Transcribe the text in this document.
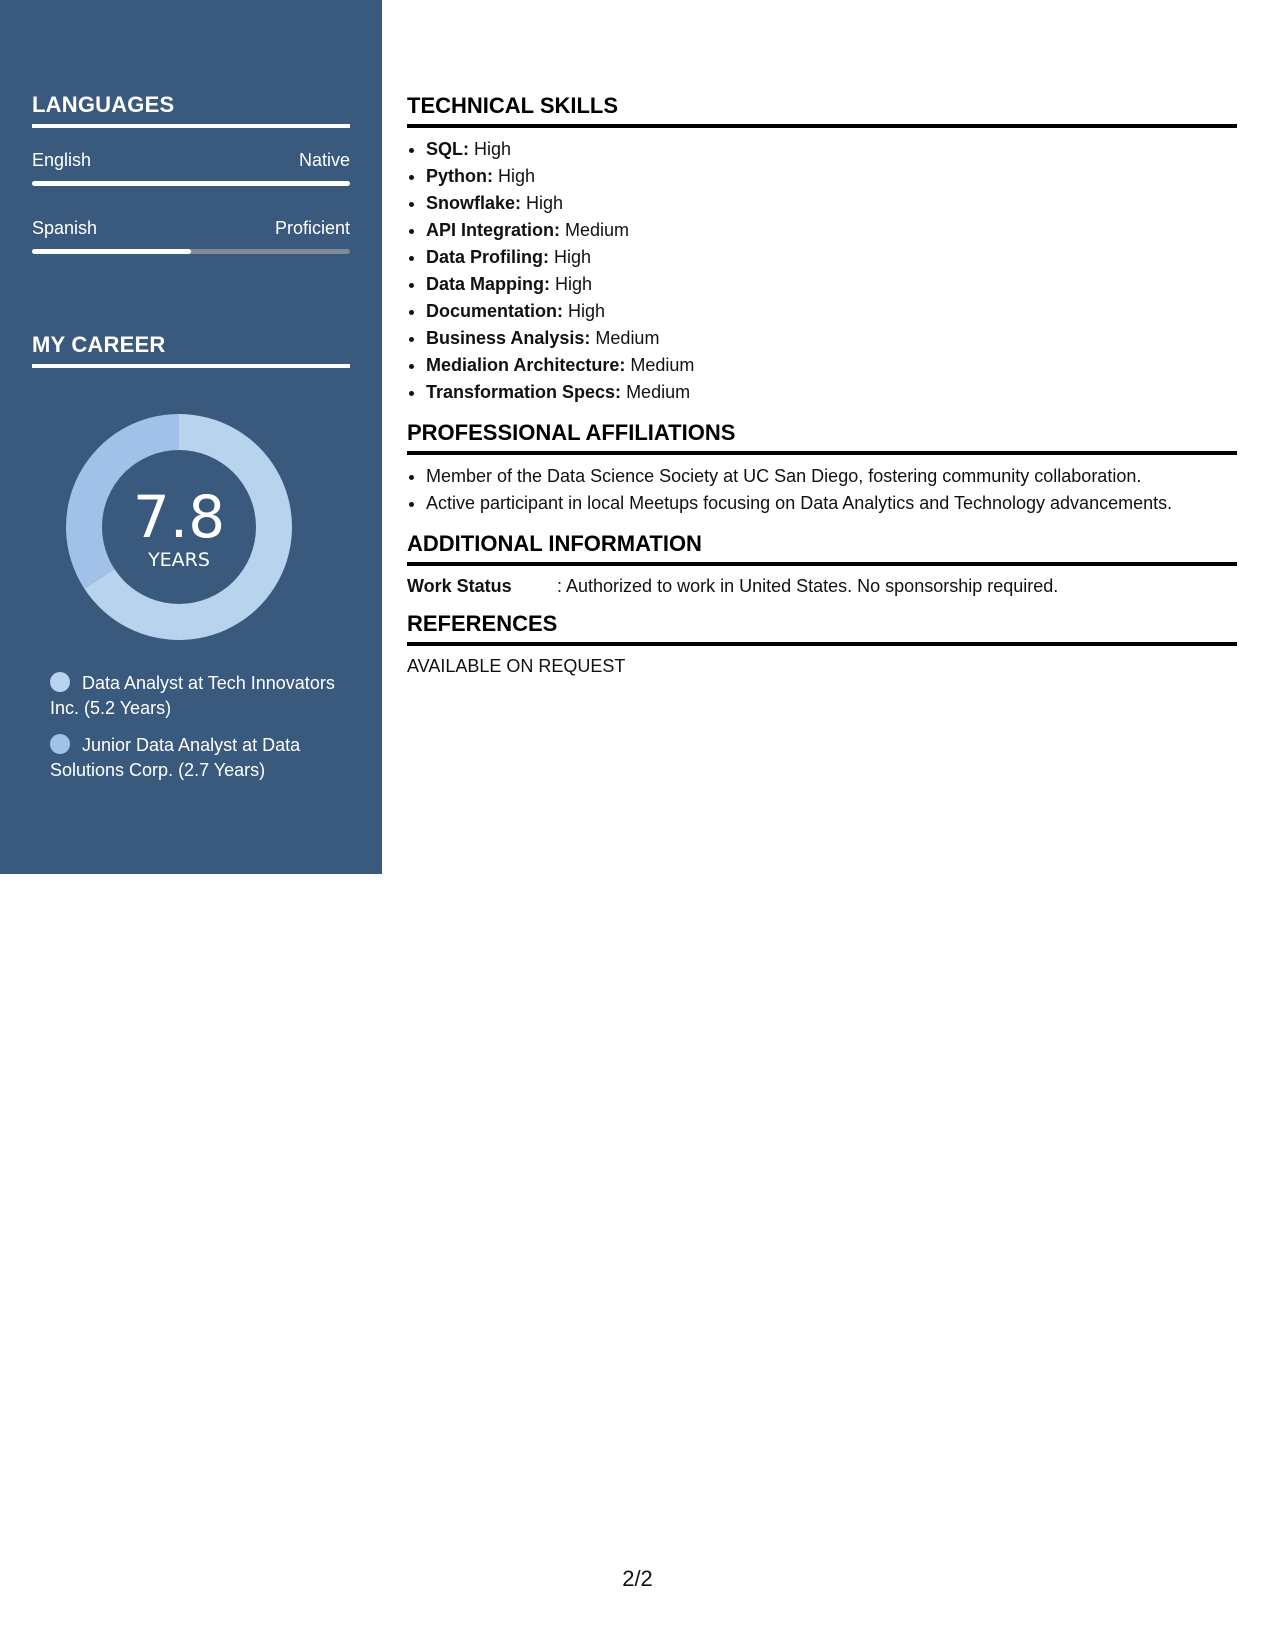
LANGUAGES
English	Native
Spanish	Proficient
MY CAREER
7.8
YEARS
Data Analyst at Tech Innovators Inc. (5.2 Years)
Junior Data Analyst at Data Solutions Corp. (2.7 Years)
TECHNICAL SKILLS
• SQL: High
• Python: High
• Snowflake: High
• API Integration: Medium
• Data Profiling: High
• Data Mapping: High
• Documentation: High
• Business Analysis: Medium
• Medialion Architecture: Medium
• Transformation Specs: Medium
PROFESSIONAL AFFILIATIONS
• Member of the Data Science Society at UC San Diego, fostering community collaboration.
• Active participant in local Meetups focusing on Data Analytics and Technology advancements.
ADDITIONAL INFORMATION
Work Status	: Authorized to work in United States. No sponsorship required.
REFERENCES
AVAILABLE ON REQUEST
2/2
